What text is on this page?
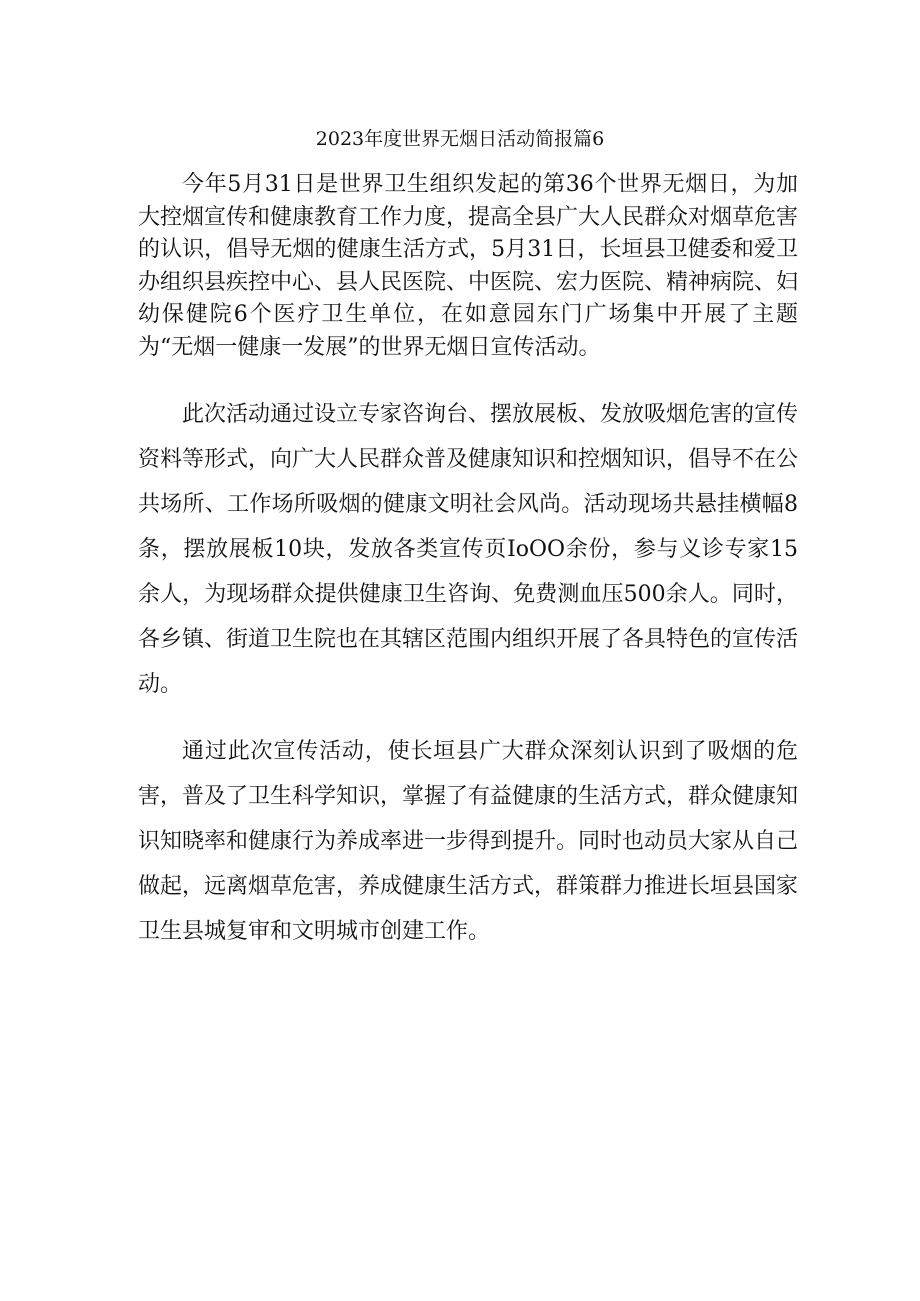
2023年度世界无烟日活动简报篇6

今年5月31日是世界卫生组织发起的第36个世界无烟日，为加大控烟宣传和健康教育工作力度，提高全县广大人民群众对烟草危害的认识，倡导无烟的健康生活方式，5月31日，长垣县卫健委和爱卫办组织县疾控中心、县人民医院、中医院、宏力医院、精神病院、妇幼保健院6个医疗卫生单位，在如意园东门广场集中开展了主题为“无烟一健康一发展”的世界无烟日宣传活动。

此次活动通过设立专家咨询台、摆放展板、发放吸烟危害的宣传资料等形式，向广大人民群众普及健康知识和控烟知识，倡导不在公共场所、工作场所吸烟的健康文明社会风尚。活动现场共悬挂横幅8条，摆放展板10块，发放各类宣传页IoOO余份，参与义诊专家15余人，为现场群众提供健康卫生咨询、免费测血压500余人。同时，各乡镇、街道卫生院也在其辖区范围内组织开展了各具特色的宣传活动。

通过此次宣传活动，使长垣县广大群众深刻认识到了吸烟的危害，普及了卫生科学知识，掌握了有益健康的生活方式，群众健康知识知晓率和健康行为养成率进一步得到提升。同时也动员大家从自己做起，远离烟草危害，养成健康生活方式，群策群力推进长垣县国家卫生县城复审和文明城市创建工作。
